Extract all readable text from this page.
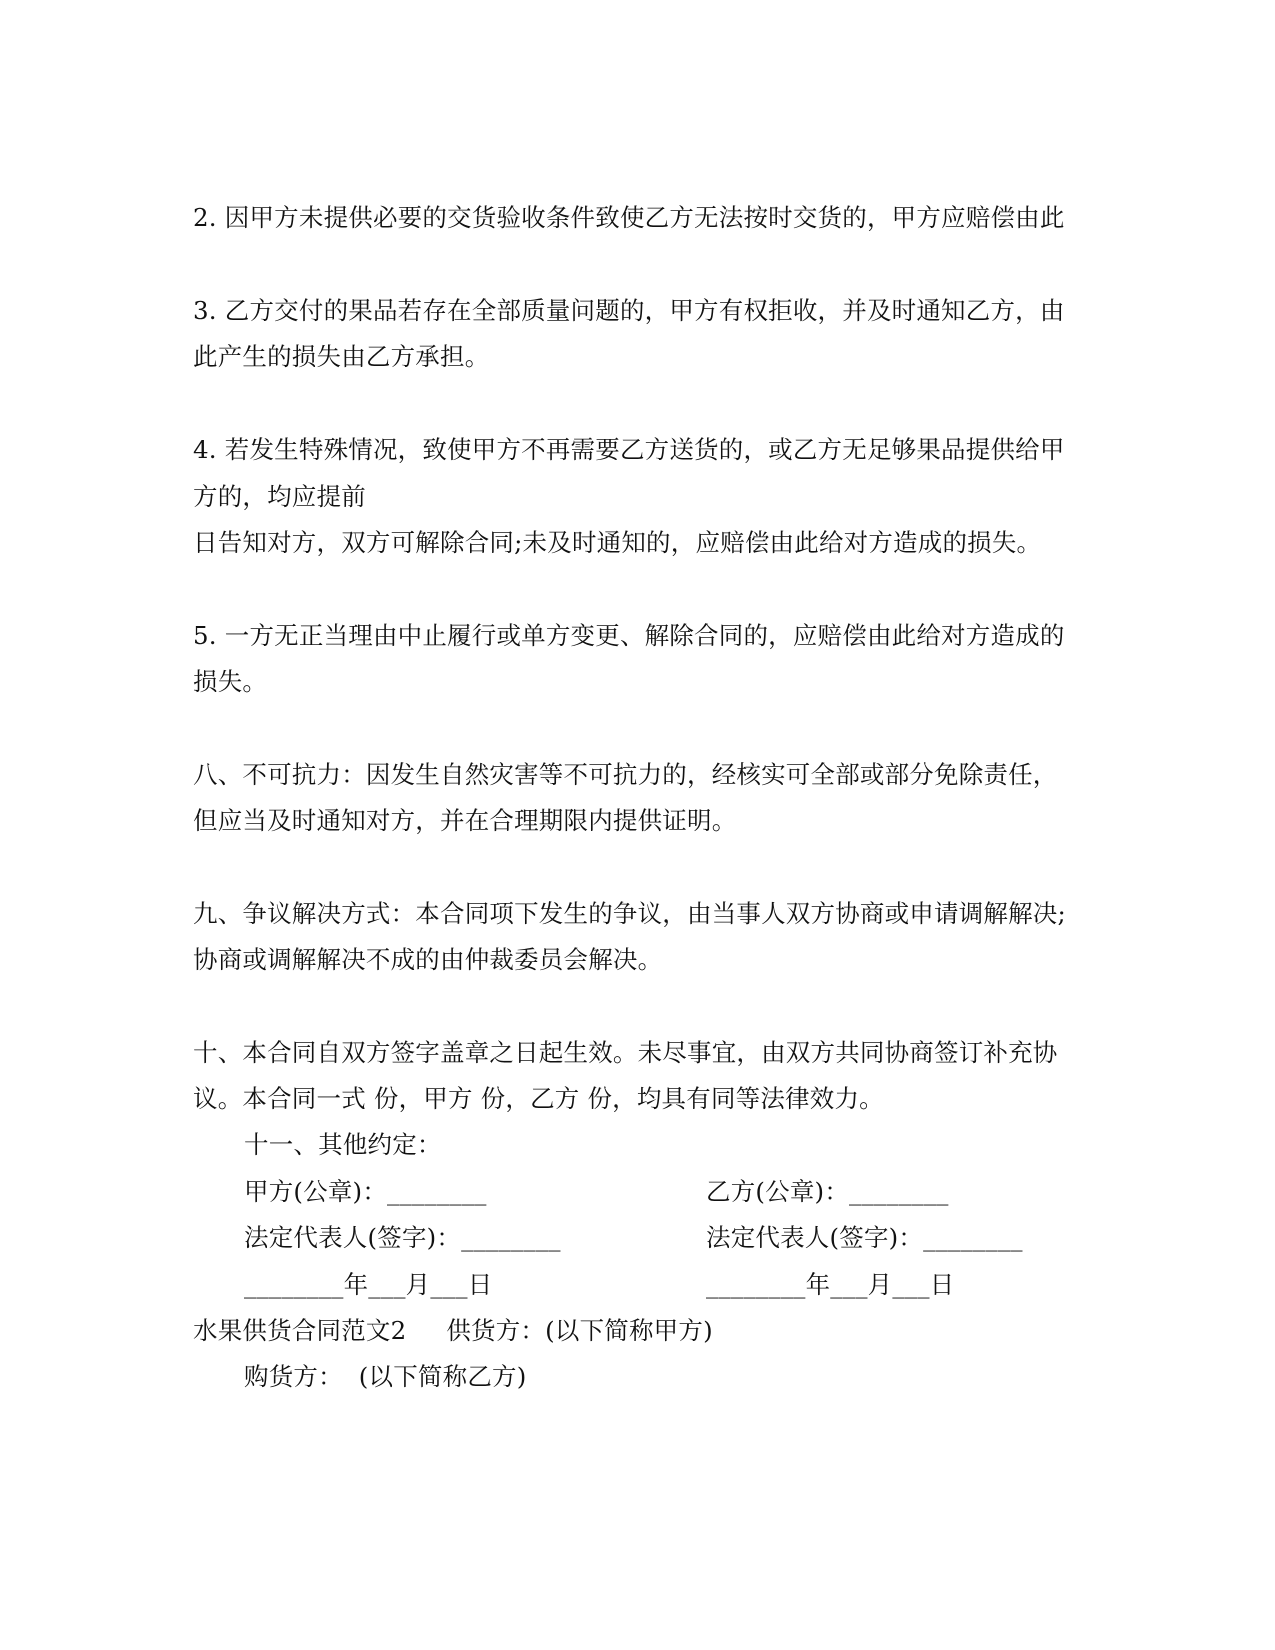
2. 因甲方未提供必要的交货验收条件致使乙方无法按时交货的，甲方应赔偿由此
3. 乙方交付的果品若存在全部质量问题的，甲方有权拒收，并及时通知乙方，由
此产生的损失由乙方承担。
4. 若发生特殊情况，致使甲方不再需要乙方送货的，或乙方无足够果品提供给甲
方的，均应提前
日告知对方，双方可解除合同;未及时通知的，应赔偿由此给对方造成的损失。
5. 一方无正当理由中止履行或单方变更、解除合同的，应赔偿由此给对方造成的
损失。
八、不可抗力：因发生自然灾害等不可抗力的，经核实可全部或部分免除责任，
但应当及时通知对方，并在合理期限内提供证明。
九、争议解决方式：本合同项下发生的争议，由当事人双方协商或申请调解解决;
协商或调解解决不成的由仲裁委员会解决。
十、本合同自双方签字盖章之日起生效。未尽事宜，由双方共同协商签订补充协
议。本合同一式 份，甲方 份，乙方 份，均具有同等法律效力。
十一、其他约定：
甲方(公章)：________	乙方(公章)：________
法定代表人(签字)：________	法定代表人(签字)：________
________年___月___日	________年___月___日
水果供货合同范文2     供货方：(以下简称甲方)
购货方：  (以下简称乙方)
